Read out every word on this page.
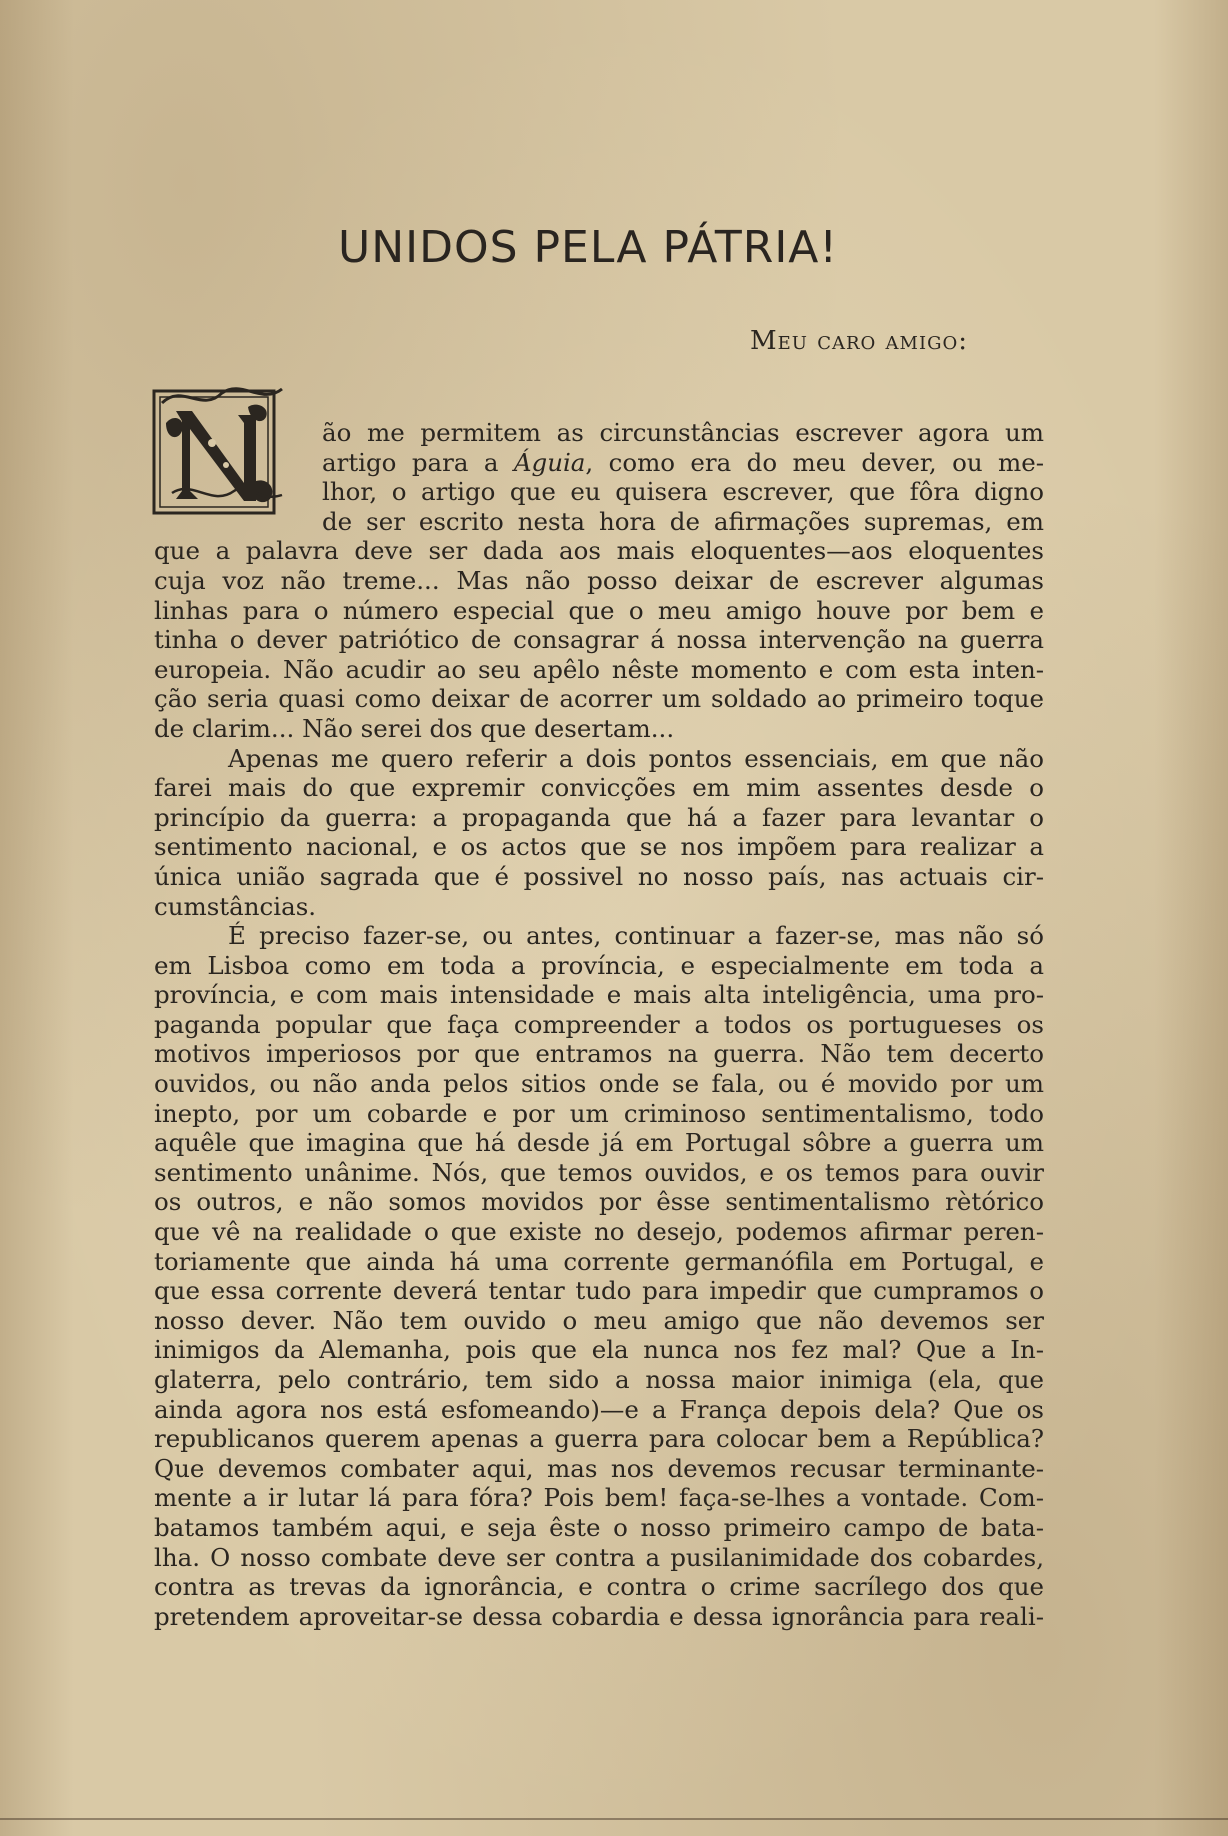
UNIDOS PELA PÁTRIA!

Meu caro amigo:

ão me permitem as circunstâncias escrever agora um
artigo para a Águia, como era do meu dever, ou me-
lhor, o artigo que eu quisera escrever, que fôra digno
de ser escrito nesta hora de afirmações supremas, em
que a palavra deve ser dada aos mais eloquentes—aos eloquentes
cuja voz não treme... Mas não posso deixar de escrever algumas
linhas para o número especial que o meu amigo houve por bem e
tinha o dever patriótico de consagrar á nossa intervenção na guerra
europeia. Não acudir ao seu apêlo nêste momento e com esta inten-
ção seria quasi como deixar de acorrer um soldado ao primeiro toque
de clarim... Não serei dos que desertam...
Apenas me quero referir a dois pontos essenciais, em que não
farei mais do que expremir convicções em mim assentes desde o
princípio da guerra: a propaganda que há a fazer para levantar o
sentimento nacional, e os actos que se nos impõem para realizar a
única união sagrada que é possivel no nosso país, nas actuais cir-
cumstâncias.
É preciso fazer-se, ou antes, continuar a fazer-se, mas não só
em Lisboa como em toda a província, e especialmente em toda a
província, e com mais intensidade e mais alta inteligência, uma pro-
paganda popular que faça compreender a todos os portugueses os
motivos imperiosos por que entramos na guerra. Não tem decerto
ouvidos, ou não anda pelos sitios onde se fala, ou é movido por um
inepto, por um cobarde e por um criminoso sentimentalismo, todo
aquêle que imagina que há desde já em Portugal sôbre a guerra um
sentimento unânime. Nós, que temos ouvidos, e os temos para ouvir
os outros, e não somos movidos por êsse sentimentalismo rètórico
que vê na realidade o que existe no desejo, podemos afirmar peren-
toriamente que ainda há uma corrente germanófila em Portugal, e
que essa corrente deverá tentar tudo para impedir que cumpramos o
nosso dever. Não tem ouvido o meu amigo que não devemos ser
inimigos da Alemanha, pois que ela nunca nos fez mal? Que a In-
glaterra, pelo contrário, tem sido a nossa maior inimiga (ela, que
ainda agora nos está esfomeando)—e a França depois dela? Que os
republicanos querem apenas a guerra para colocar bem a República?
Que devemos combater aqui, mas nos devemos recusar terminante-
mente a ir lutar lá para fóra? Pois bem! faça-se-lhes a vontade. Com-
batamos também aqui, e seja êste o nosso primeiro campo de bata-
lha. O nosso combate deve ser contra a pusilanimidade dos cobardes,
contra as trevas da ignorância, e contra o crime sacrílego dos que
pretendem aproveitar-se dessa cobardia e dessa ignorância para reali-
